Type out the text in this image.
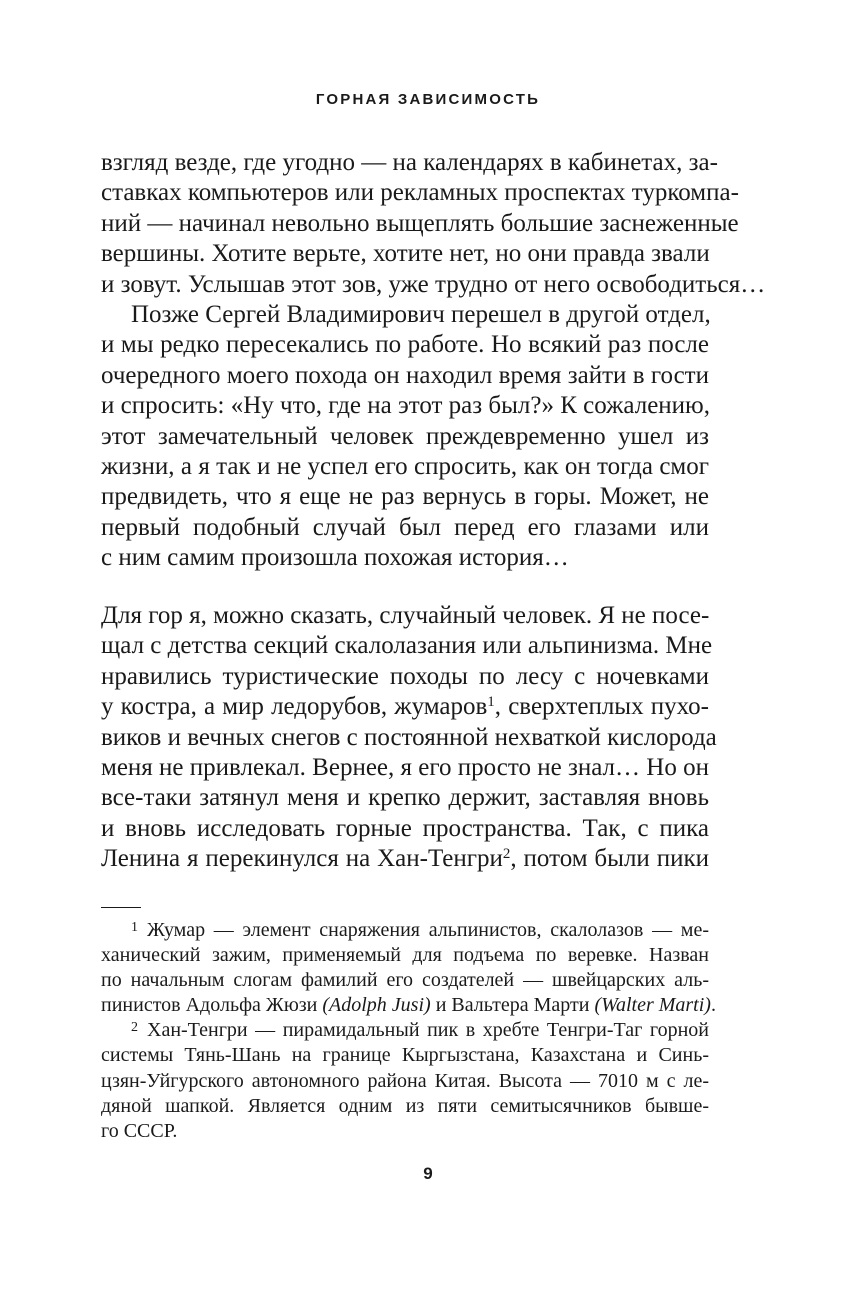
ГОРНАЯ ЗАВИСИМОСТЬ
взгляд везде, где угодно — на календарях в кабинетах, за-
ставках компьютеров или рекламных проспектах туркомпа-
ний — начинал невольно выщеплять большие заснеженные
вершины. Хотите верьте, хотите нет, но они правда звали
и зовут. Услышав этот зов, уже трудно от него освободиться…
Позже Сергей Владимирович перешел в другой отдел,
и мы редко пересекались по работе. Но всякий раз после
очередного моего похода он находил время зайти в гости
и спросить: «Ну что, где на этот раз был?» К сожалению,
этот замечательный человек преждевременно ушел из
жизни, а я так и не успел его спросить, как он тогда смог
предвидеть, что я еще не раз вернусь в горы. Может, не
первый подобный случай был перед его глазами или
с ним самим произошла похожая история…
Для гор я, можно сказать, случайный человек. Я не посе-
щал с детства секций скалолазания или альпинизма. Мне
нравились туристические походы по лесу с ночевками
у костра, а мир ледорубов, жумаров$^1$, сверхтеплых пухо-
виков и вечных снегов с постоянной нехваткой кислорода
меня не привлекал. Вернее, я его просто не знал… Но он
все-таки затянул меня и крепко держит, заставляя вновь
и вновь исследовать горные пространства. Так, с пика
Ленина я перекинулся на Хан-Тенгри$^2$, потом были пики
$^1$ Жумар — элемент снаряжения альпинистов, скалолазов — ме-
ханический зажим, применяемый для подъема по веревке. Назван
по начальным слогам фамилий его создателей — швейцарских аль-
пинистов Адольфа Жюзи (Adolph Jusi) и Вальтера Марти (Walter Marti).
$^2$ Хан-Тенгри — пирамидальный пик в хребте Тенгри-Таг горной
системы Тянь-Шань на границе Кыргызстана, Казахстана и Синь-
цзян-Уйгурского автономного района Китая. Высота — 7010 м с ле-
дяной шапкой. Является одним из пяти семитысячников бывше-
го СССР.
9
